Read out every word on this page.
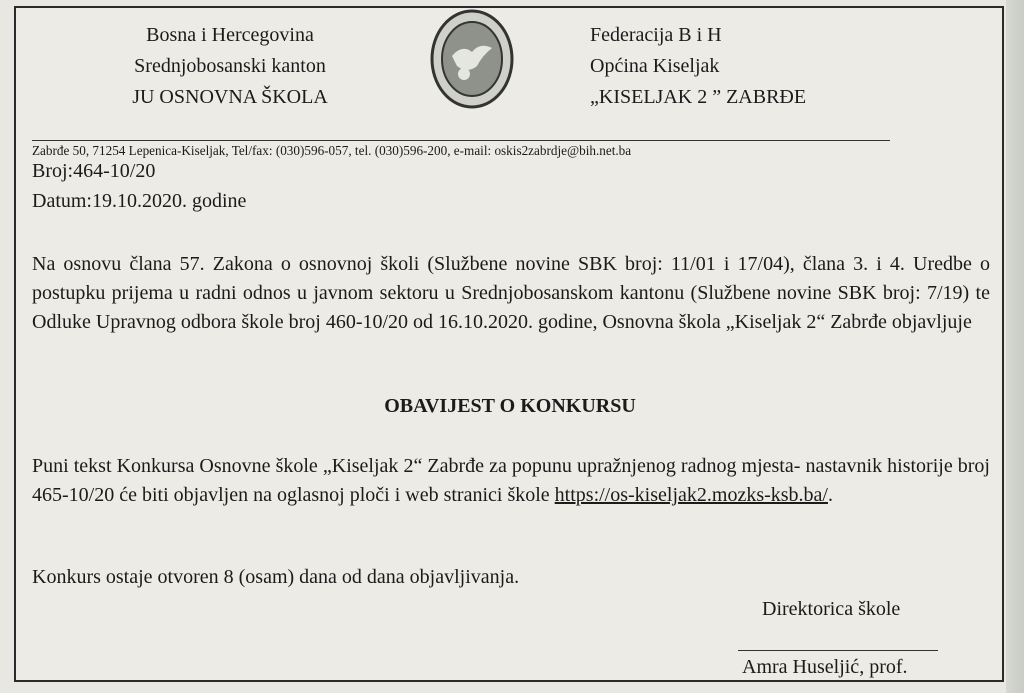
Bosna i Hercegovina
Srednjobosanski kanton
JU OSNOVNA ŠKOLA
Federacija B i H
Općina Kiseljak
„KISELJAK 2 ” ZABRĐE
Zabrđe 50, 71254 Lepenica-Kiseljak, Tel/fax: (030)596-057, tel. (030)596-200, e-mail: oskis2zabrdje@bih.net.ba
Broj:464-10/20
Datum:19.10.2020. godine

Na osnovu člana 57. Zakona o osnovnoj školi (Službene novine SBK broj: 11/01 i 17/04), člana 3. i 4. Uredbe o postupku prijema u radni odnos u javnom sektoru u Srednjobosanskom kantonu (Službene novine SBK broj: 7/19) te Odluke Upravnog odbora škole broj 460-10/20 od 16.10.2020. godine, Osnovna škola „Kiseljak 2“ Zabrđe objavljuje

OBAVIJEST O KONKURSU

Puni tekst Konkursa Osnovne škole „Kiseljak 2“ Zabrđe za popunu upražnjenog radnog mjesta- nastavnik historije broj 465-10/20 će biti objavljen na oglasnoj ploči i web stranici škole https://os-kiseljak2.mozks-ksb.ba/.

Konkurs ostaje otvoren 8 (osam) dana od dana objavljivanja.
Direktorica škole
Amra Huseljić, prof.
